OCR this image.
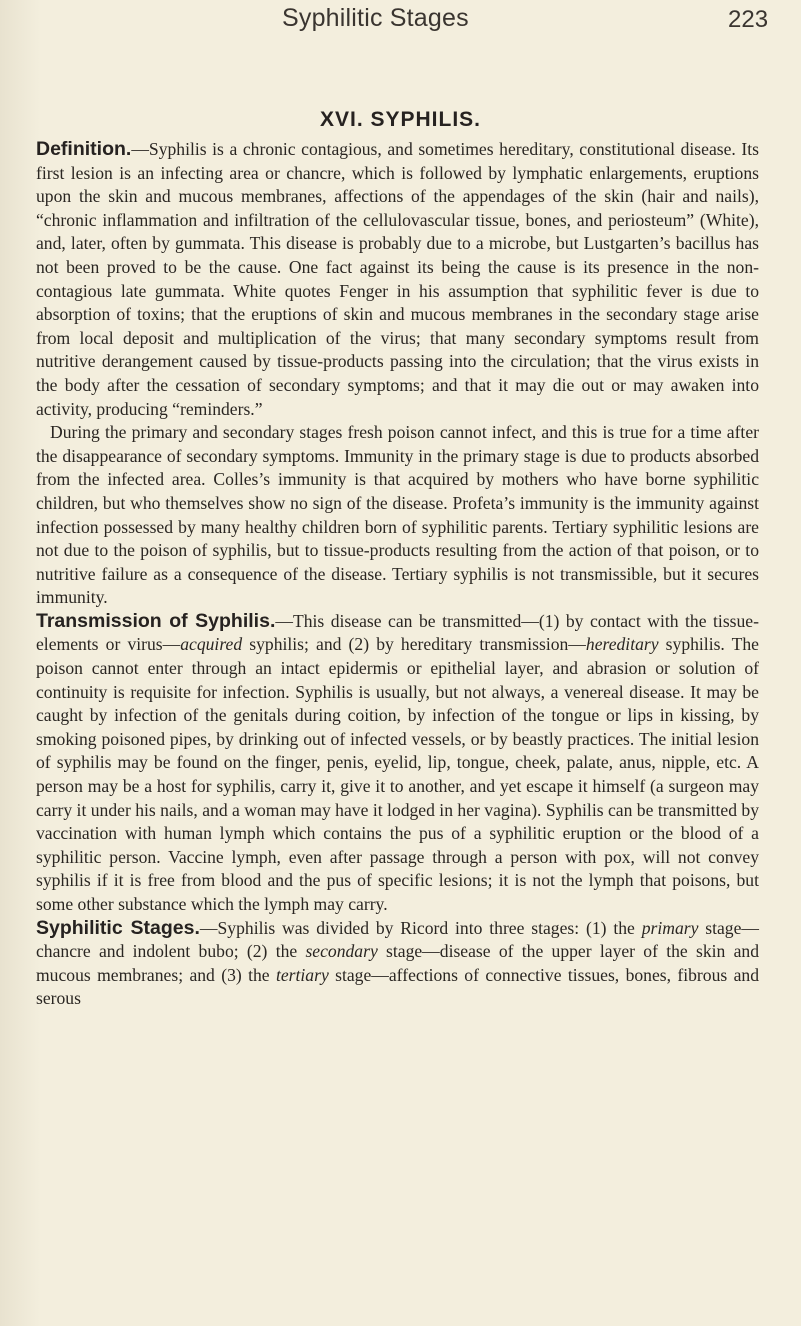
Syphilitic Stages	223
XVI. SYPHILIS.

Definition.—Syphilis is a chronic contagious, and sometimes hereditary, constitutional disease. Its first lesion is an infecting area or chancre, which is followed by lymphatic enlargements, eruptions upon the skin and mucous membranes, affections of the appendages of the skin (hair and nails), “chronic inflammation and infiltration of the cellulovascular tissue, bones, and periosteum” (White), and, later, often by gummata. This disease is probably due to a microbe, but Lustgarten’s bacillus has not been proved to be the cause. One fact against its being the cause is its presence in the non-contagious late gummata. White quotes Fenger in his assumption that syphilitic fever is due to absorption of toxins; that the eruptions of skin and mucous membranes in the secondary stage arise from local deposit and multiplication of the virus; that many secondary symptoms result from nutritive derangement caused by tissue-products passing into the circulation; that the virus exists in the body after the cessation of secondary symptoms; and that it may die out or may awaken into activity, producing “reminders.”

During the primary and secondary stages fresh poison cannot infect, and this is true for a time after the disappearance of secondary symptoms. Immunity in the primary stage is due to products absorbed from the infected area. Colles’s immunity is that acquired by mothers who have borne syphilitic children, but who themselves show no sign of the disease. Profeta’s immunity is the immunity against infection possessed by many healthy children born of syphilitic parents. Tertiary syphilitic lesions are not due to the poison of syphilis, but to tissue-products resulting from the action of that poison, or to nutritive failure as a consequence of the disease. Tertiary syphilis is not transmissible, but it secures immunity.

Transmission of Syphilis.—This disease can be transmitted—(1) by contact with the tissue-elements or virus—acquired syphilis; and (2) by hereditary transmission—hereditary syphilis. The poison cannot enter through an intact epidermis or epithelial layer, and abrasion or solution of continuity is requisite for infection. Syphilis is usually, but not always, a venereal disease. It may be caught by infection of the genitals during coition, by infection of the tongue or lips in kissing, by smoking poisoned pipes, by drinking out of infected vessels, or by beastly practices. The initial lesion of syphilis may be found on the finger, penis, eyelid, lip, tongue, cheek, palate, anus, nipple, etc. A person may be a host for syphilis, carry it, give it to another, and yet escape it himself (a surgeon may carry it under his nails, and a woman may have it lodged in her vagina). Syphilis can be transmitted by vaccination with human lymph which contains the pus of a syphilitic eruption or the blood of a syphilitic person. Vaccine lymph, even after passage through a person with pox, will not convey syphilis if it is free from blood and the pus of specific lesions; it is not the lymph that poisons, but some other substance which the lymph may carry.

Syphilitic Stages.—Syphilis was divided by Ricord into three stages: (1) the primary stage—chancre and indolent bubo; (2) the secondary stage—disease of the upper layer of the skin and mucous membranes; and (3) the tertiary stage—affections of connective tissues, bones, fibrous and serous
